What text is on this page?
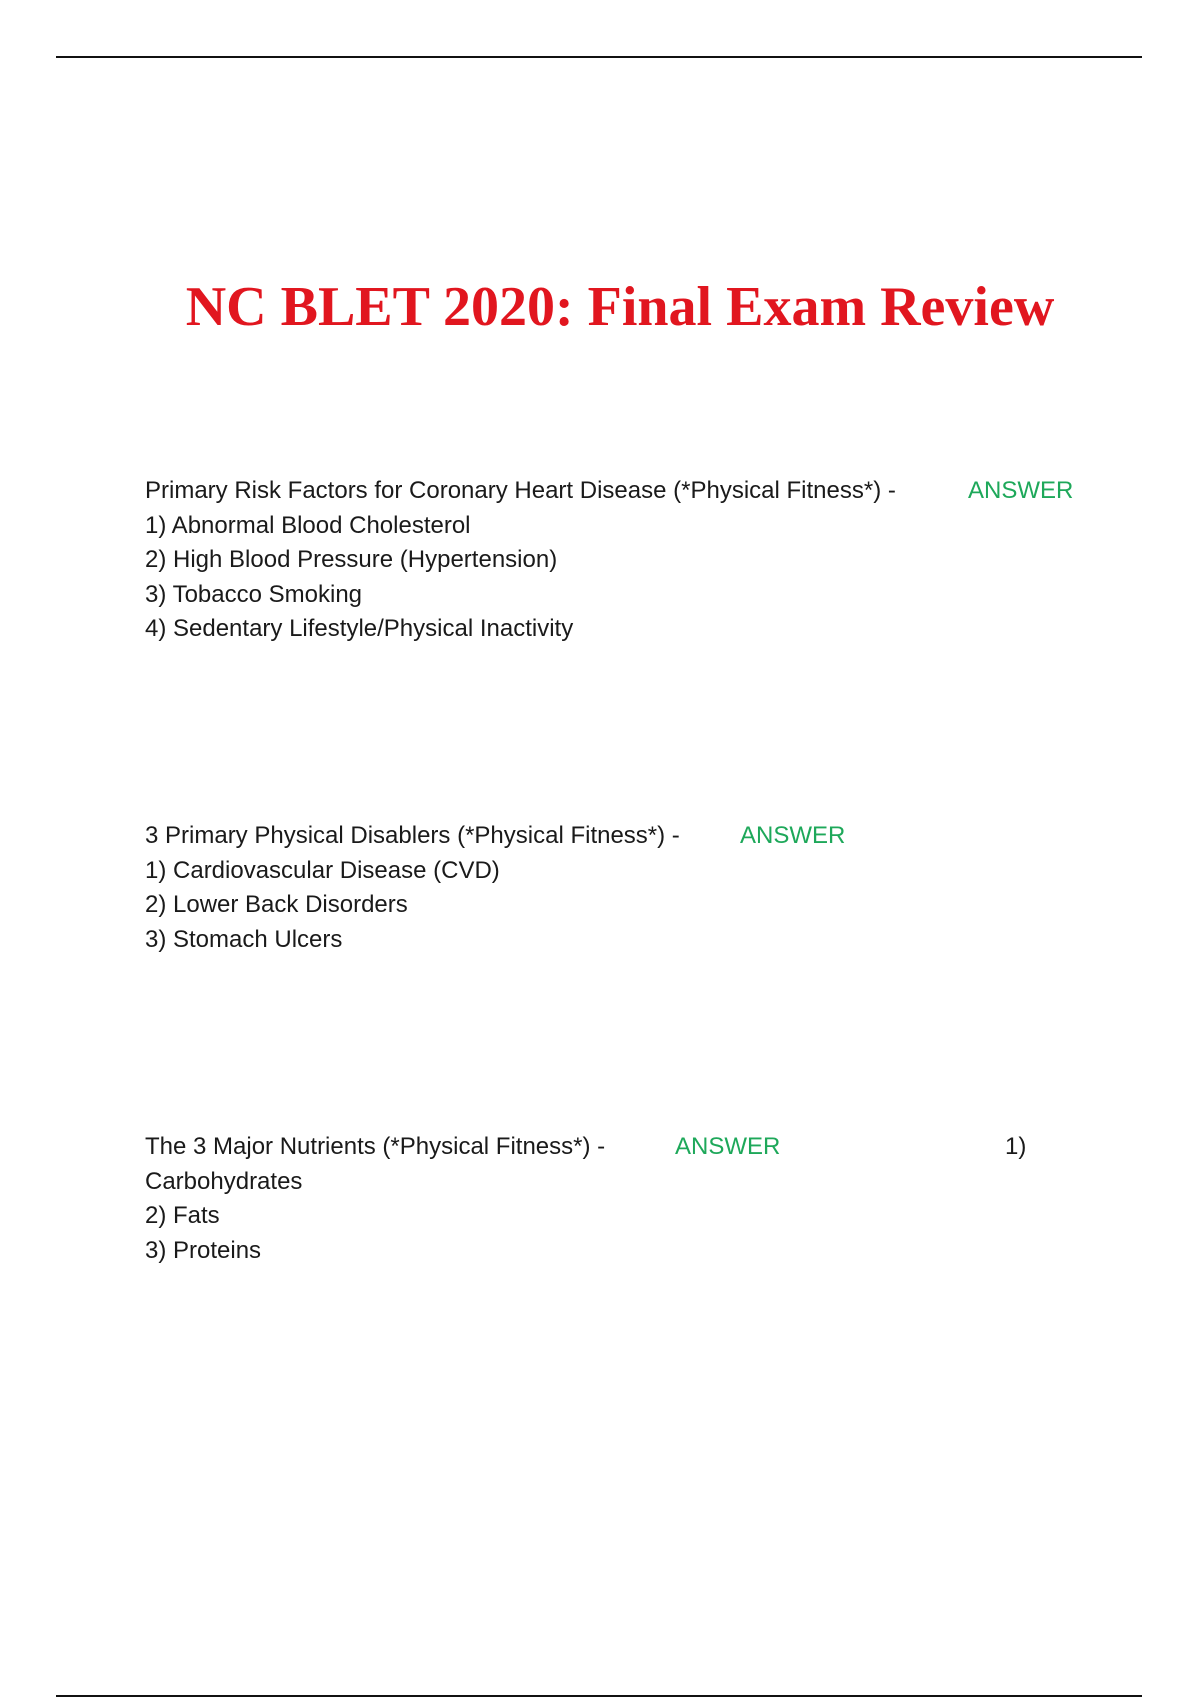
NC BLET 2020: Final Exam Review
Primary Risk Factors for Coronary Heart Disease (*Physical Fitness*) -	ANSWER
1) Abnormal Blood Cholesterol
2) High Blood Pressure (Hypertension)
3) Tobacco Smoking
4) Sedentary Lifestyle/Physical Inactivity
3 Primary Physical Disablers (*Physical Fitness*) -	ANSWER
1) Cardiovascular Disease (CVD)
2) Lower Back Disorders
3) Stomach Ulcers
The 3 Major Nutrients (*Physical Fitness*) -	ANSWER	1)
Carbohydrates
2) Fats
3) Proteins
